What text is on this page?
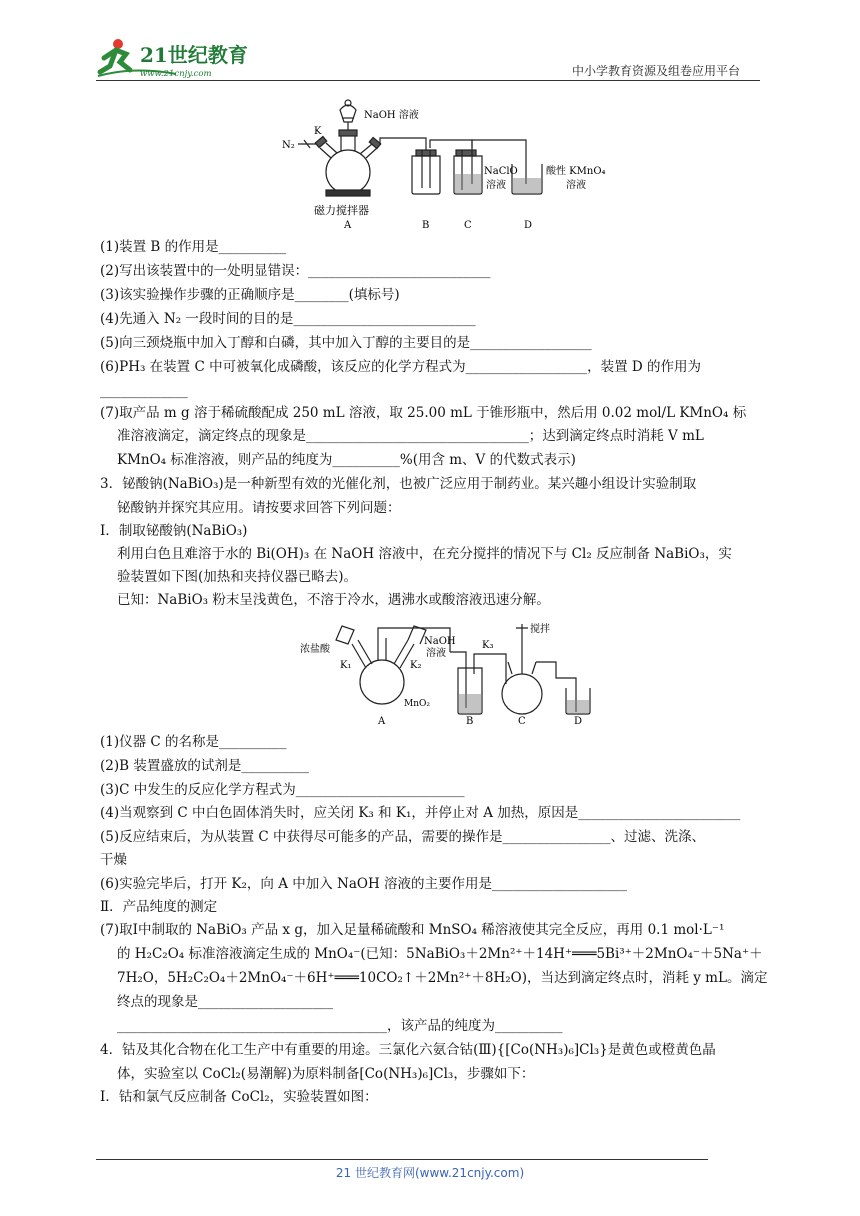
21世纪教育
www.21cnjy.com	中小学教育资源及组卷应用平台
NaOH 溶液
K
N₂
NaClO
溶液
酸性 KMnO₄
溶液
磁力搅拌器
A	B	C	D
(1)装置 B 的作用是__________
(2)写出该装置中的一处明显错误：___________________________
(3)该实验操作步骤的正确顺序是________(填标号)
(4)先通入 N₂ 一段时间的目的是___________________________
(5)向三颈烧瓶中加入丁醇和白磷，其中加入丁醇的主要目的是__________________
(6)PH₃ 在装置 C 中可被氧化成磷酸，该反应的化学方程式为__________________，装置 D 的作用为
_____________
(7)取产品 m g 溶于稀硫酸配成 250 mL 溶液，取 25.00 mL 于锥形瓶中，然后用 0.02 mol/L KMnO₄ 标
准溶液滴定，滴定终点的现象是_________________________________；达到滴定终点时消耗 V mL
KMnO₄ 标准溶液，则产品的纯度为__________%(用含 m、V 的代数式表示)
3．铋酸钠(NaBiO₃)是一种新型有效的光催化剂，也被广泛应用于制药业。某兴趣小组设计实验制取
铋酸钠并探究其应用。请按要求回答下列问题：
Ⅰ．制取铋酸钠(NaBiO₃)
利用白色且难溶于水的 Bi(OH)₃ 在 NaOH 溶液中，在充分搅拌的情况下与 Cl₂ 反应制备 NaBiO₃，实
验装置如下图(加热和夹持仪器已略去)。
已知：NaBiO₃ 粉末呈浅黄色，不溶于冷水，遇沸水或酸溶液迅速分解。
浓盐酸
K₁	K₂
K₃
NaOH
溶液
搅拌
MnO₂
A	B	C	D
(1)仪器 C 的名称是__________
(2)B 装置盛放的试剂是__________
(3)C 中发生的反应化学方程式为_________________________
(4)当观察到 C 中白色固体消失时，应关闭 K₃ 和 K₁，并停止对 A 加热，原因是________________________
(5)反应结束后，为从装置 C 中获得尽可能多的产品，需要的操作是________________、过滤、洗涤、
干燥
(6)实验完毕后，打开 K₂，向 A 中加入 NaOH 溶液的主要作用是____________________
Ⅱ．产品纯度的测定
(7)取Ⅰ中制取的 NaBiO₃ 产品 x g，加入足量稀硫酸和 MnSO₄ 稀溶液使其完全反应，再用 0.1 mol·L⁻¹
的 H₂C₂O₄ 标准溶液滴定生成的 MnO₄⁻(已知：5NaBiO₃＋2Mn²⁺＋14H⁺═══5Bi³⁺＋2MnO₄⁻＋5Na⁺＋
7H₂O，5H₂C₂O₄＋2MnO₄⁻＋6H⁺═══10CO₂↑＋2Mn²⁺＋8H₂O)，当达到滴定终点时，消耗 y mL。滴定
终点的现象是____________________
________________________________________，该产品的纯度为__________
4．钴及其化合物在化工生产中有重要的用途。三氯化六氨合钴(Ⅲ){[Co(NH₃)₆]Cl₃}是黄色或橙黄色晶
体，实验室以 CoCl₂(易潮解)为原料制备[Co(NH₃)₆]Cl₃，步骤如下：
Ⅰ．钴和氯气反应制备 CoCl₂，实验装置如图：
21 世纪教育网(www.21cnjy.com)
